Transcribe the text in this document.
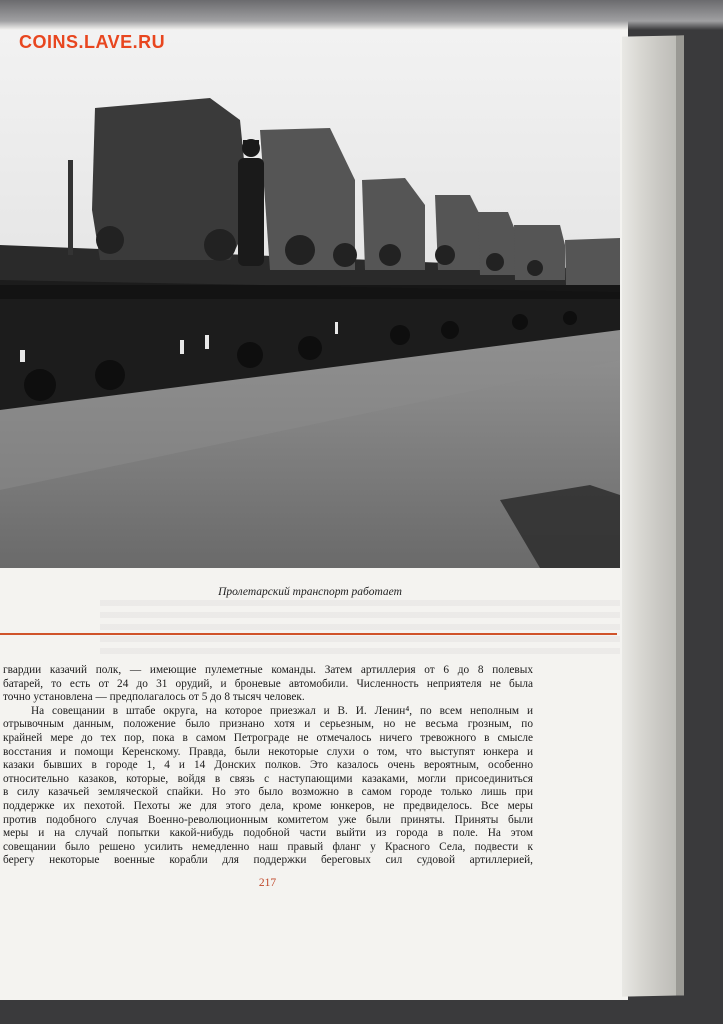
COINS.LAVE.RU
Пролетарский транспорт работает
гвардии казачий полк, — имеющие пулеметные команды. Затем артиллерия от 6 до 8 полевых
батарей, то есть от 24 до 31 орудий, и броневые автомобили. Численность неприятеля не была
точно установлена — предполагалось от 5 до 8 тысяч человек.
На совещании в штабе округа, на которое приезжал и В. И. Ленин⁴, по всем неполным и
отрывочным данным, положение было признано хотя и серьезным, но не весьма грозным, по
крайней мере до тех пор, пока в самом Петрограде не отмечалось ничего тревожного в смысле
восстания и помощи Керенскому. Правда, были некоторые слухи о том, что выступят юнкера и
казаки бывших в городе 1, 4 и 14 Донских полков. Это казалось очень вероятным, особенно
относительно казаков, которые, войдя в связь с наступающими казаками, могли присоединиться
в силу казачьей земляческой спайки. Но это было возможно в самом городе только лишь при
поддержке их пехотой. Пехоты же для этого дела, кроме юнкеров, не предвиделось. Все меры
против подобного случая Военно-революционным комитетом уже были приняты. Приняты были
меры и на случай попытки какой-нибудь подобной части выйти из города в поле. На этом
совещании было решено усилить немедленно наш правый фланг у Красного Села, подвести к
берегу некоторые военные корабли для поддержки береговых сил судовой артиллерией,
217
